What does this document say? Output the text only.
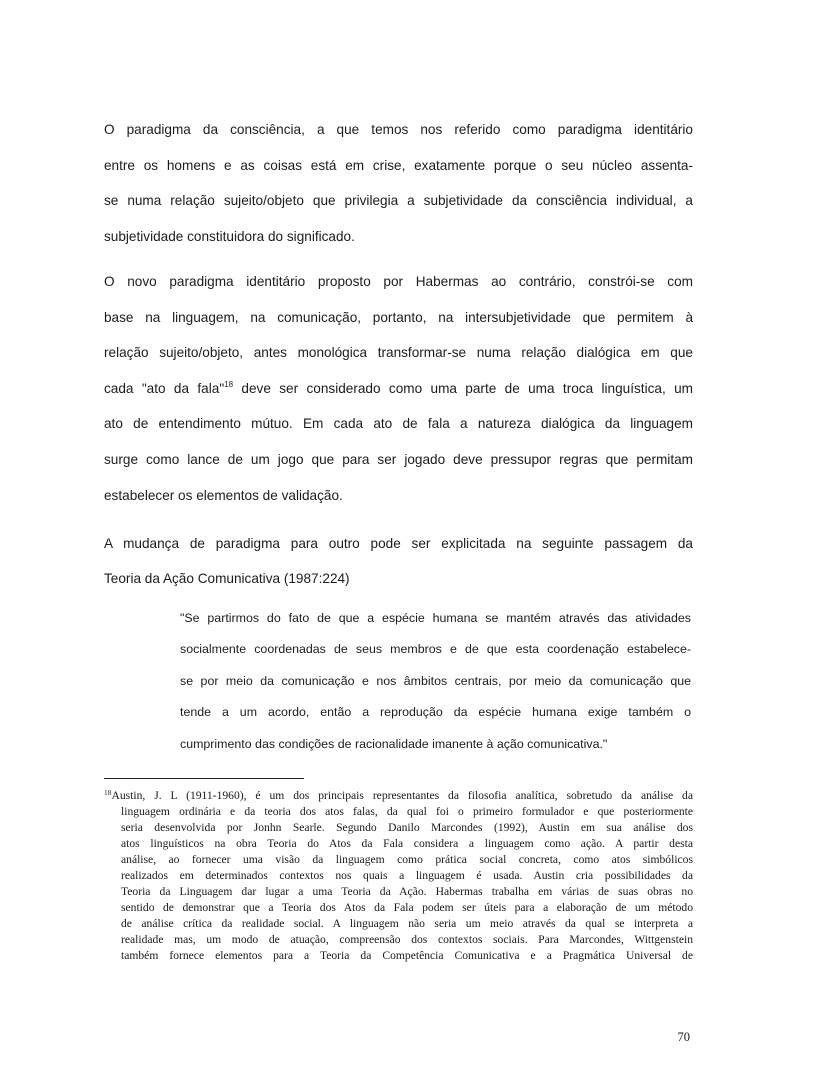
O paradigma da consciência, a que temos nos referido como paradigma identitário
entre os homens e as coisas está em crise, exatamente porque o seu núcleo assenta-
se numa relação sujeito/objeto que privilegia a subjetividade da consciência individual, a
subjetividade constituidora do significado.
O novo paradigma identitário proposto por Habermas ao contrário, constrói-se com
base na linguagem, na comunicação, portanto, na intersubjetividade que permitem à
relação sujeito/objeto, antes monológica transformar-se numa relação dialógica em que
cada "ato da fala"$^{18}$ deve ser considerado como uma parte de uma troca linguística, um
ato de entendimento mútuo. Em cada ato de fala a natureza dialógica da linguagem
surge como lance de um jogo que para ser jogado deve pressupor regras que permitam
estabelecer os elementos de validação.
A mudança de paradigma para outro pode ser explicitada na seguinte passagem da
Teoria da Ação Comunicativa (1987:224)
"Se partirmos do fato de que a espécie humana se mantém através das atividades
socialmente coordenadas de seus membros e de que esta coordenação estabelece-
se por meio da comunicação e nos âmbitos centrais, por meio da comunicação que
tende a um acordo, então a reprodução da espécie humana exige também o
cumprimento das condições de racionalidade imanente à ação comunicativa."
$^{18}$Austin, J. L (1911-1960), é um dos principais representantes da filosofia analítica, sobretudo da análise da
linguagem ordinária e da teoria dos atos falas, da qual foi o primeiro formulador e que posteriormente
seria desenvolvida por Jonhn Searle. Segundo Danilo Marcondes (1992), Austin em sua análise dos
atos linguísticos na obra Teoria do Atos da Fala considera a linguagem como ação. A partir desta
análise, ao fornecer uma visão da linguagem como prática social concreta, como atos simbólicos
realizados em determinados contextos nos quais a linguagem é usada. Austin cria possibilidades da
Teoria da Linguagem dar lugar a uma Teoria da Ação. Habermas trabalha em várias de suas obras no
sentido de demonstrar que a Teoria dos Atos da Fala podem ser úteis para a elaboração de um método
de análise crítica da realidade social. A linguagem não seria um meio através da qual se interpreta a
realidade mas, um modo de atuação, compreensão dos contextos sociais. Para Marcondes, Wittgenstein
também fornece elementos para a Teoria da Competência Comunicativa e a Pragmática Universal de
70
